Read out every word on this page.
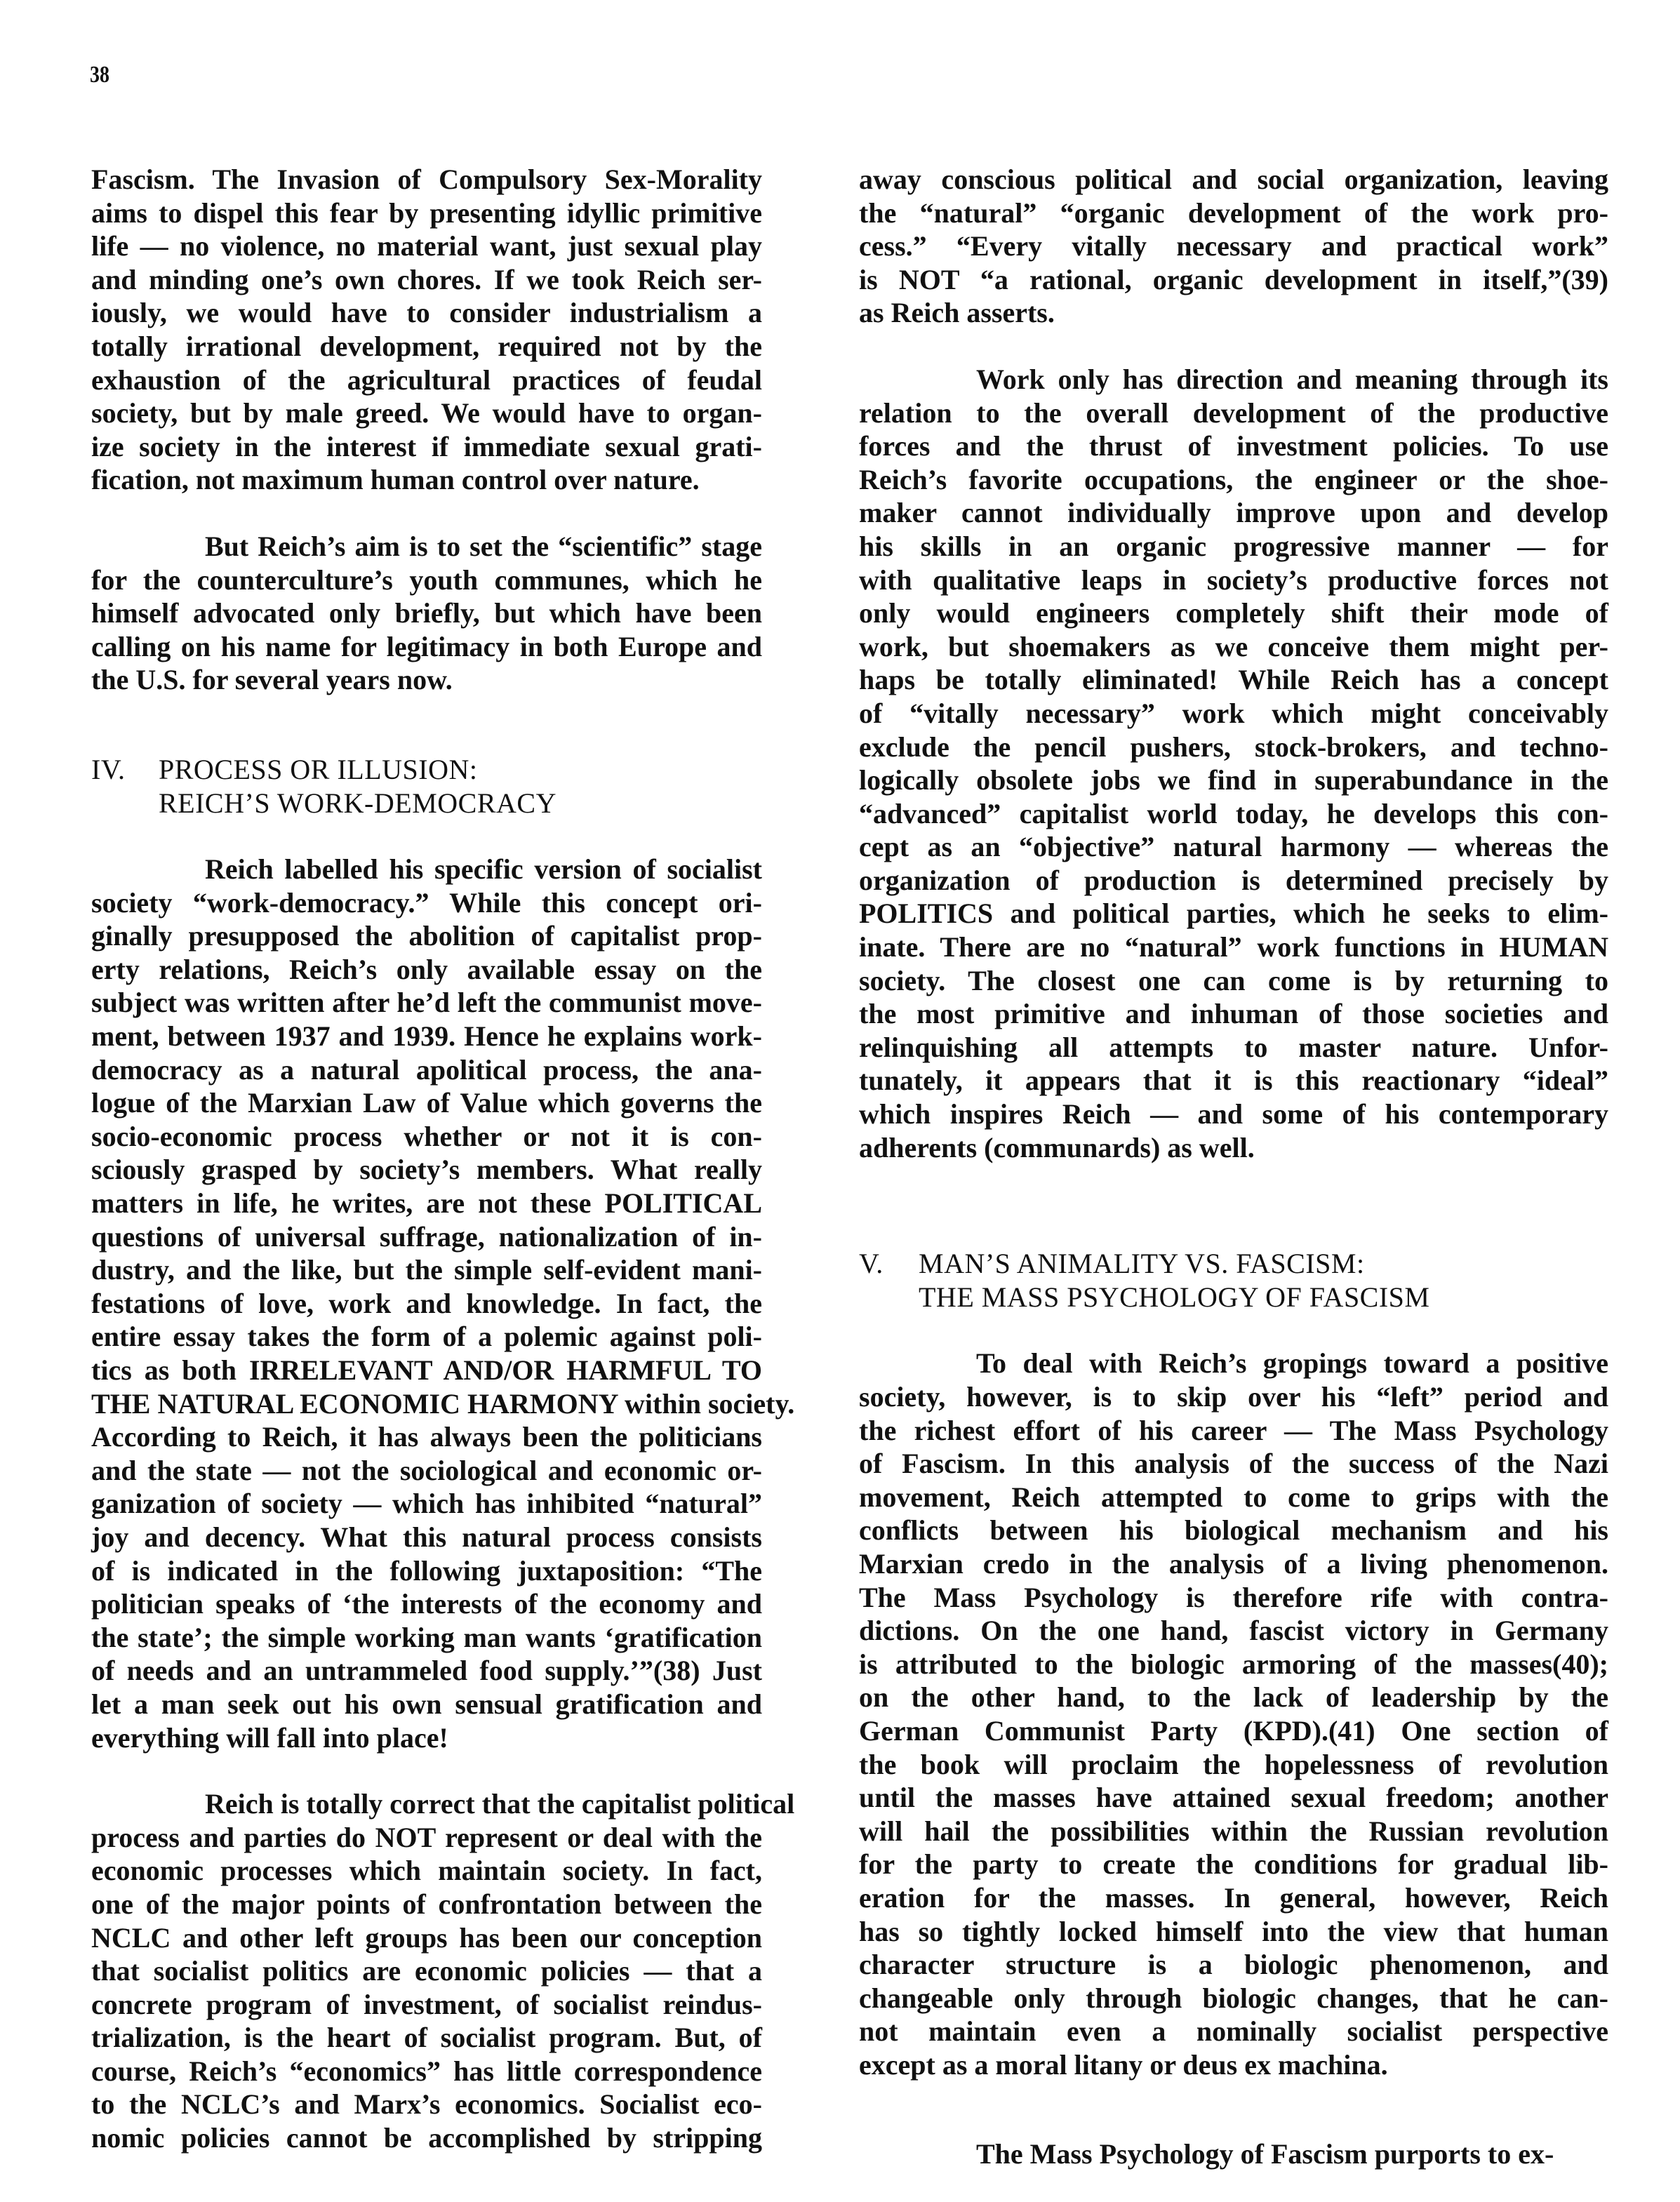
38
Fascism. The Invasion of Compulsory Sex-Morality
aims to dispel this fear by presenting idyllic primitive
life — no violence, no material want, just sexual play
and minding one’s own chores. If we took Reich ser-
iously, we would have to consider industrialism a
totally irrational development, required not by the
exhaustion of the agricultural practices of feudal
society, but by male greed. We would have to organ-
ize society in the interest if immediate sexual grati-
fication, not maximum human control over nature.
But Reich’s aim is to set the “scientific” stage
for the counterculture’s youth communes, which he
himself advocated only briefly, but which have been
calling on his name for legitimacy in both Europe and
the U.S. for several years now.
IV. PROCESS OR ILLUSION:
REICH’S WORK-DEMOCRACY
Reich labelled his specific version of socialist
society “work-democracy.” While this concept ori-
ginally presupposed the abolition of capitalist prop-
erty relations, Reich’s only available essay on the
subject was written after he’d left the communist move-
ment, between 1937 and 1939. Hence he explains work-
democracy as a natural apolitical process, the ana-
logue of the Marxian Law of Value which governs the
socio-economic process whether or not it is con-
sciously grasped by society’s members. What really
matters in life, he writes, are not these POLITICAL
questions of universal suffrage, nationalization of in-
dustry, and the like, but the simple self-evident mani-
festations of love, work and knowledge. In fact, the
entire essay takes the form of a polemic against poli-
tics as both IRRELEVANT AND/OR HARMFUL TO
THE NATURAL ECONOMIC HARMONY within society.
According to Reich, it has always been the politicians
and the state — not the sociological and economic or-
ganization of society — which has inhibited “natural”
joy and decency. What this natural process consists
of is indicated in the following juxtaposition: “The
politician speaks of ‘the interests of the economy and
the state’; the simple working man wants ‘gratification
of needs and an untrammeled food supply.’”(38) Just
let a man seek out his own sensual gratification and
everything will fall into place!
Reich is totally correct that the capitalist political
process and parties do NOT represent or deal with the
economic processes which maintain society. In fact,
one of the major points of confrontation between the
NCLC and other left groups has been our conception
that socialist politics are economic policies — that a
concrete program of investment, of socialist reindus-
trialization, is the heart of socialist program. But, of
course, Reich’s “economics” has little correspondence
to the NCLC’s and Marx’s economics. Socialist eco-
nomic policies cannot be accomplished by stripping
away conscious political and social organization, leaving
the “natural” “organic development of the work pro-
cess.” “Every vitally necessary and practical work”
is NOT “a rational, organic development in itself,”(39)
as Reich asserts.
Work only has direction and meaning through its
relation to the overall development of the productive
forces and the thrust of investment policies. To use
Reich’s favorite occupations, the engineer or the shoe-
maker cannot individually improve upon and develop
his skills in an organic progressive manner — for
with qualitative leaps in society’s productive forces not
only would engineers completely shift their mode of
work, but shoemakers as we conceive them might per-
haps be totally eliminated! While Reich has a concept
of “vitally necessary” work which might conceivably
exclude the pencil pushers, stock-brokers, and techno-
logically obsolete jobs we find in superabundance in the
“advanced” capitalist world today, he develops this con-
cept as an “objective” natural harmony — whereas the
organization of production is determined precisely by
POLITICS and political parties, which he seeks to elim-
inate. There are no “natural” work functions in HUMAN
society. The closest one can come is by returning to
the most primitive and inhuman of those societies and
relinquishing all attempts to master nature. Unfor-
tunately, it appears that it is this reactionary “ideal”
which inspires Reich — and some of his contemporary
adherents (communards) as well.
V. MAN’S ANIMALITY VS. FASCISM:
THE MASS PSYCHOLOGY OF FASCISM
To deal with Reich’s gropings toward a positive
society, however, is to skip over his “left” period and
the richest effort of his career — The Mass Psychology
of Fascism. In this analysis of the success of the Nazi
movement, Reich attempted to come to grips with the
conflicts between his biological mechanism and his
Marxian credo in the analysis of a living phenomenon.
The Mass Psychology is therefore rife with contra-
dictions. On the one hand, fascist victory in Germany
is attributed to the biologic armoring of the masses(40);
on the other hand, to the lack of leadership by the
German Communist Party (KPD).(41) One section of
the book will proclaim the hopelessness of revolution
until the masses have attained sexual freedom; another
will hail the possibilities within the Russian revolution
for the party to create the conditions for gradual lib-
eration for the masses. In general, however, Reich
has so tightly locked himself into the view that human
character structure is a biologic phenomenon, and
changeable only through biologic changes, that he can-
not maintain even a nominally socialist perspective
except as a moral litany or deus ex machina.
The Mass Psychology of Fascism purports to ex-
